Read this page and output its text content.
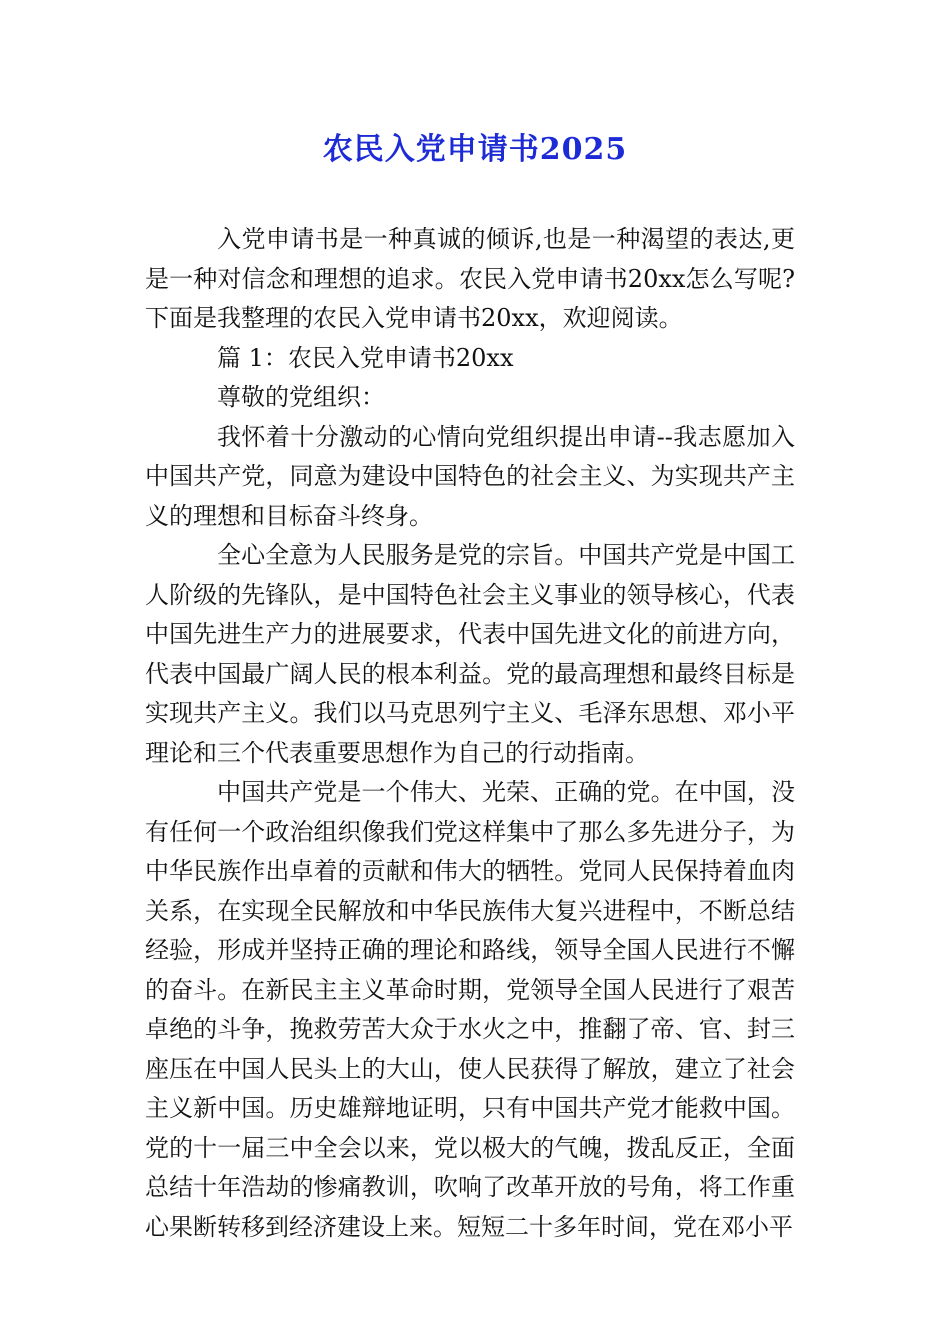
农民入党申请书2025

入党申请书是一种真诚的倾诉,也是一种渴望的表达,更是一种对信念和理想的追求。农民入党申请书20xx怎么写呢?下面是我整理的农民入党申请书20xx，欢迎阅读。

篇 1：农民入党申请书20xx

尊敬的党组织：

我怀着十分激动的心情向党组织提出申请--我志愿加入中国共产党，同意为建设中国特色的社会主义、为实现共产主义的理想和目标奋斗终身。

全心全意为人民服务是党的宗旨。中国共产党是中国工人阶级的先锋队，是中国特色社会主义事业的领导核心，代表中国先进生产力的进展要求，代表中国先进文化的前进方向，代表中国最广阔人民的根本利益。党的最高理想和最终目标是实现共产主义。我们以马克思列宁主义、毛泽东思想、邓小平理论和三个代表重要思想作为自己的行动指南。

中国共产党是一个伟大、光荣、正确的党。在中国，没有任何一个政治组织像我们党这样集中了那么多先进分子，为中华民族作出卓着的贡献和伟大的牺牲。党同人民保持着血肉关系，在实现全民解放和中华民族伟大复兴进程中，不断总结经验，形成并坚持正确的理论和路线，领导全国人民进行不懈的奋斗。在新民主主义革命时期，党领导全国人民进行了艰苦卓绝的斗争，挽救劳苦大众于水火之中，推翻了帝、官、封三座压在中国人民头上的大山，使人民获得了解放，建立了社会主义新中国。历史雄辩地证明，只有中国共产党才能救中国。党的十一届三中全会以来，党以极大的气魄，拨乱反正，全面总结十年浩劫的惨痛教训，吹响了改革开放的号角，将工作重心果断转移到经济建设上来。短短二十多年时间，党在邓小平
